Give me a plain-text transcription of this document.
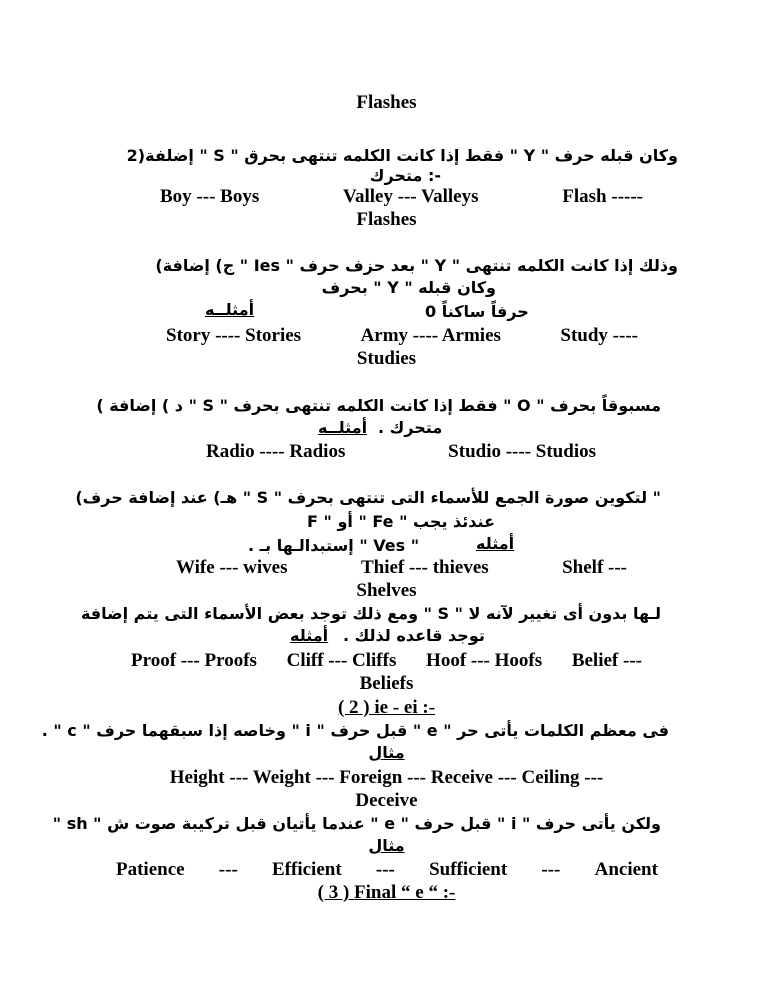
Flashes
وكان قبله حرف " Y " فقط إذا كانت الكلمه تنتهى بحرق " S " إضلفة(2
-: متحرك
Boy --- Boys	Valley --- Valleys	Flash -----
Flashes
وذلك إذا كانت الكلمه تنتهى " Y " بعد حزف حرف " Ies " ج) إضافة)
وكان قبله " Y " بحرف
أمثلــه	حرفاً ساكناً 0
Story ---- Stories	Army ---- Armies	Study ----
Studies
مسبوقاً بحرف " O " فقط إذا كانت الكلمه تنتهى بحرف " S " د ) إضافة )
أمثلــه متحرك .
Radio ---- Radios	Studio ---- Studios
" لتكوين صورة الجمع للأسماء التى تنتهى بحرف " S " هـ) عند إضافة حرف)
عندئذ يجب " Fe " أو " F
أمثله
" Ves " إستبدالـها بـ .
Wife --- wives	Thief --- thieves	Shelf ---
Shelves
لـها بدون أى تغيير لآنه لا " S " ومع ذلك توجد بعض الأسماء التى يتم إضافة
أمثله توجد قاعده لذلك .
Proof --- Proofs Cliff --- Cliffs Hoof --- Hoofs Belief ---
Beliefs
( 2 ) ie - ei :-
. " c " وخاصه إذا سبقهما حرف " i " قبل حرف " e " فى معظم الكلمات يأتى حر
مثال
Height --- Weight --- Foreign --- Receive --- Ceiling ---
Deceive
" sh " عندما يأتيان قبل تركيبة صوت ش " e " قبل حرف " i " ولكن يأتى حرف
مثال
Patience --- Efficient --- Sufficient --- Ancient
( 3 ) Final “ e “ :-
